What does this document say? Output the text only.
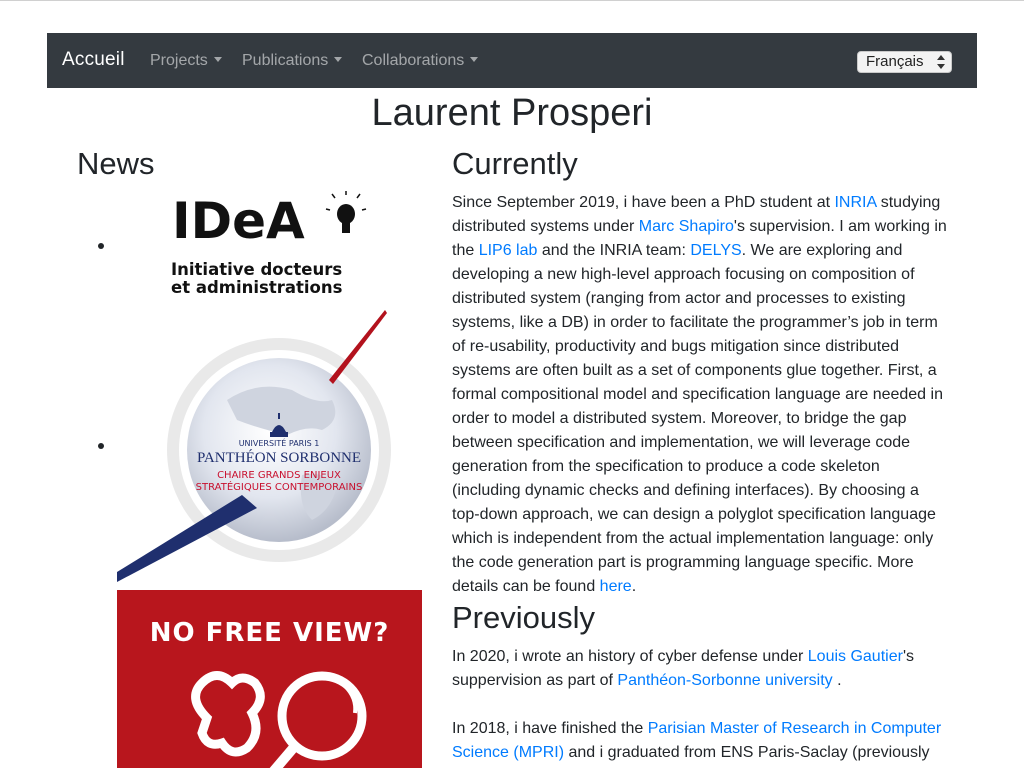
Accueil Projects	Publications	Collaborations	Français
Laurent Prosperi
News
IDeA
Initiative docteurs
et administrations
UNIVERSITÉ PARIS 1
PANTHÉON SORBONNE
CHAIRE GRANDS ENJEUX
STRATÉGIQUES CONTEMPORAINS
NO FREE VIEW?
Currently

Since September 2019, i have been a PhD student at INRIA studying distributed systems under Marc Shapiro's supervision. I am working in the LIP6 lab and the INRIA team: DELYS. We are exploring and developing a new high-level approach focusing on composition of distributed system (ranging from actor and processes to existing systems, like a DB) in order to facilitate the programmer’s job in term of re-usability, productivity and bugs mitigation since distributed systems are often built as a set of components glue together. First, a formal compositional model and specification language are needed in order to model a distributed system. Moreover, to bridge the gap between specification and implementation, we will leverage code generation from the specification to produce a code skeleton (including dynamic checks and defining interfaces). By choosing a top-down approach, we can design a polyglot specification language which is independent from the actual implementation language: only the code generation part is programming language specific. More details can be found here.

Previously

In 2020, i wrote an history of cyber defense under Louis Gautier's suppervision as part of Panthéon-Sorbonne university .

In 2018, i have finished the Parisian Master of Research in Computer Science (MPRI) and i graduated from ENS Paris-Saclay (previously
